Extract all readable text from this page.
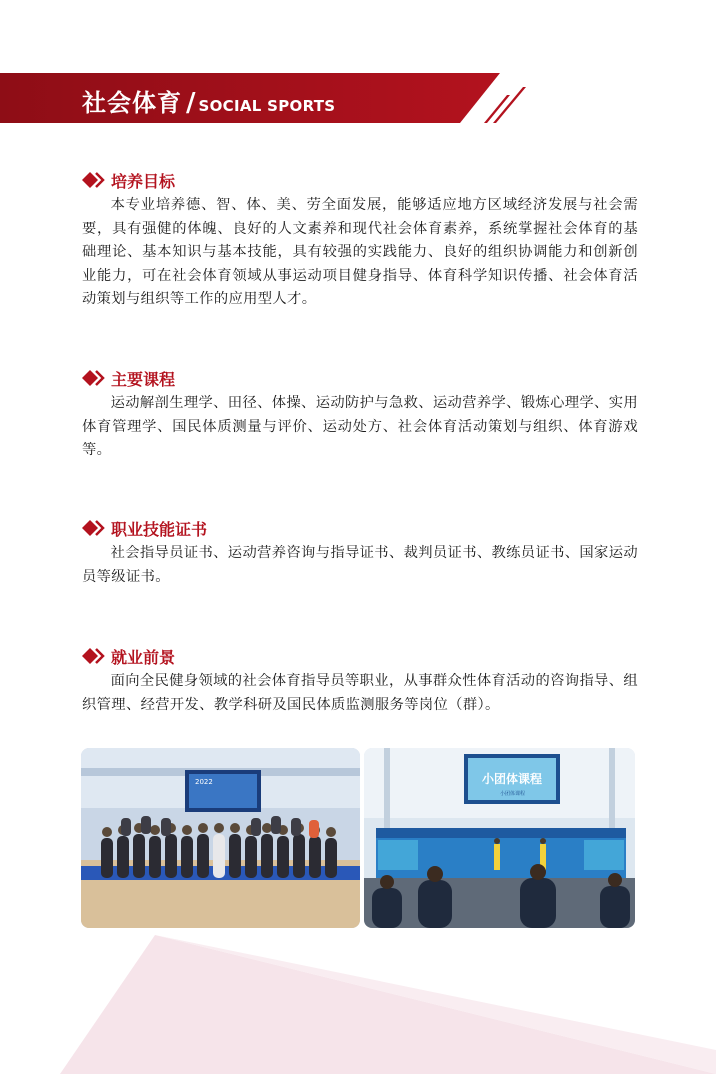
社会体育 / SOCIAL SPORTS
培养目标
本专业培养德、智、体、美、劳全面发展，能够适应地方区域经济发展与社会需要，具有强健的体魄、良好的人文素养和现代社会体育素养，系统掌握社会体育的基础理论、基本知识与基本技能，具有较强的实践能力、良好的组织协调能力和创新创业能力，可在社会体育领域从事运动项目健身指导、体育科学知识传播、社会体育活动策划与组织等工作的应用型人才。
主要课程
运动解剖生理学、田径、体操、运动防护与急救、运动营养学、锻炼心理学、实用体育管理学、国民体质测量与评价、运动处方、社会体育活动策划与组织、体育游戏等。
职业技能证书
社会指导员证书、运动营养咨询与指导证书、裁判员证书、教练员证书、国家运动员等级证书。
就业前景
面向全民健身领域的社会体育指导员等职业，从事群众性体育活动的咨询指导、组织管理、经营开发、教学科研及国民体质监测服务等岗位（群）。
2022	小团体课程
小团体课程
